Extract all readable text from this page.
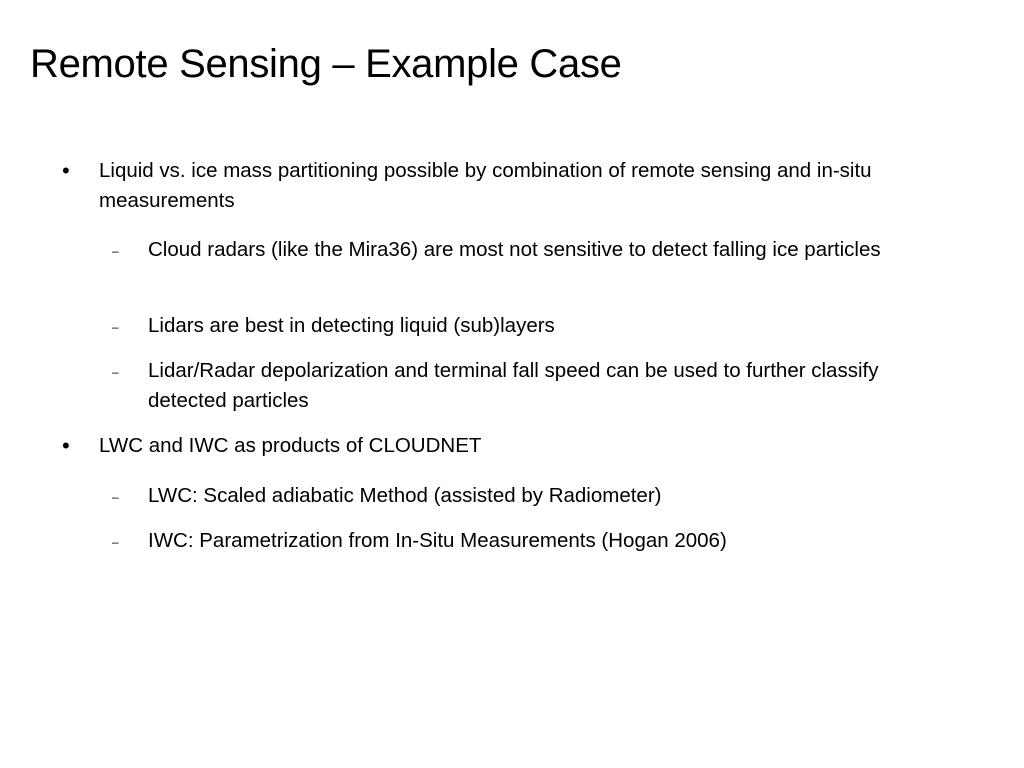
Remote Sensing – Example Case
•	Liquid vs. ice mass partitioning possible by combination of remote sensing and in-situ measurements
–	Cloud radars (like the Mira36) are most not sensitive to detect falling ice particles
–	Lidars are best in detecting liquid (sub)layers
–	Lidar/Radar depolarization and terminal fall speed can be used to further classify detected particles
•	LWC and IWC as products of CLOUDNET
–	LWC: Scaled adiabatic Method (assisted by Radiometer)
–	IWC: Parametrization from In-Situ Measurements (Hogan 2006)
